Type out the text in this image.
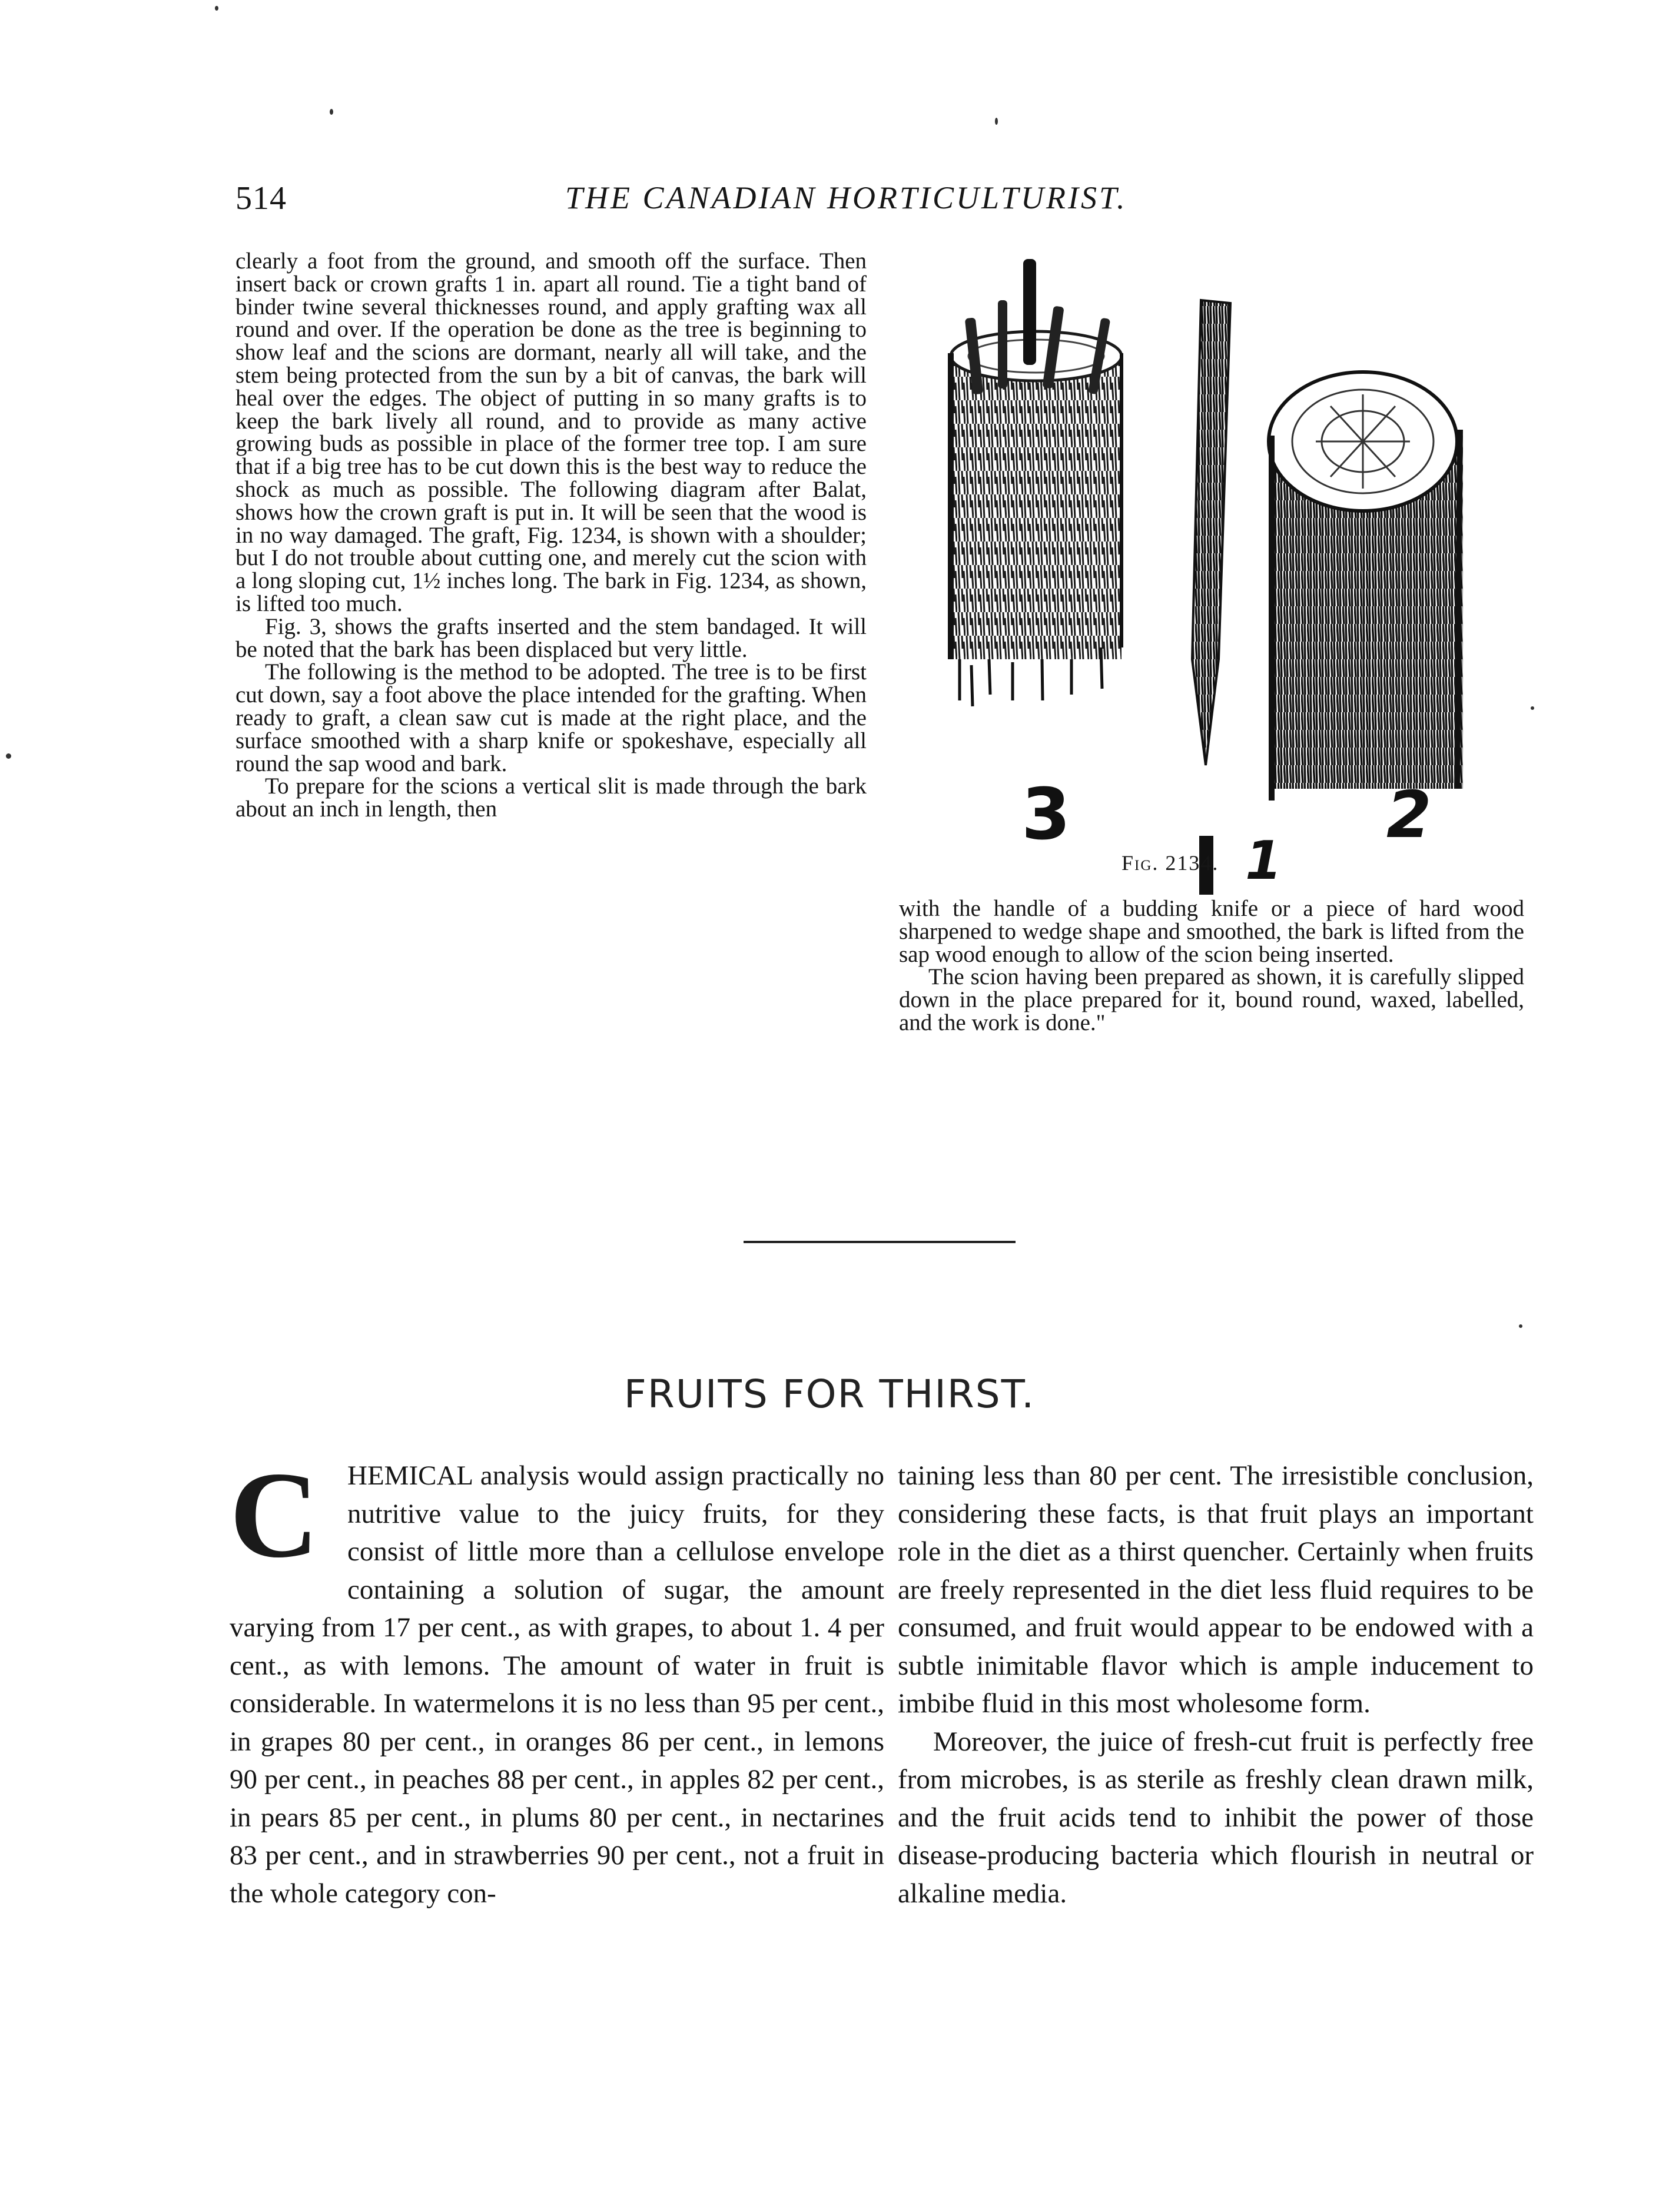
514	THE CANADIAN HORTICULTURIST.

clearly a foot from the ground, and smooth off the surface. Then insert back or crown grafts 1 in. apart all round. Tie a tight band of binder twine several thicknesses round, and apply grafting wax all round and over. If the operation be done as the tree is beginning to show leaf and the scions are dormant, nearly all will take, and the stem being protected from the sun by a bit of canvas, the bark will heal over the edges. The object of putting in so many grafts is to keep the bark lively all round, and to provide as many active growing buds as possible in place of the former tree top. I am sure that if a big tree has to be cut down this is the best way to reduce the shock as much as possible. The following diagram after Balat, shows how the crown graft is put in. It will be seen that the wood is in no way damaged. The graft, Fig. 1234, is shown with a shoulder; but I do not trouble about cutting one, and merely cut the scion with a long sloping cut, 1½ inches long. The bark in Fig. 1234, as shown, is lifted too much.

Fig. 3, shows the grafts inserted and the stem bandaged. It will be noted that the bark has been displaced but very little.

The following is the method to be adopted. The tree is to be first cut down, say a foot above the place intended for the grafting. When ready to graft, a clean saw cut is made at the right place, and the surface smoothed with a sharp knife or spokeshave, especially all round the sap wood and bark.

To prepare for the scions a vertical slit is made through the bark about an inch in length, then	3
1
2
Fig. 2134.

with the handle of a budding knife or a piece of hard wood sharpened to wedge shape and smoothed, the bark is lifted from the sap wood enough to allow of the scion being inserted.

The scion having been prepared as shown, it is carefully slipped down in the place prepared for it, bound round, waxed, labelled, and the work is done."

FRUITS FOR THIRST.
C	HEMICAL analysis would assign practically no nutritive value to the juicy fruits, for they consist of little more than a cellulose envelope containing a solution of sugar, the amount varying from 17 per cent., as with grapes, to about 1. 4 per cent., as with lemons. The amount of water in fruit is considerable. In watermelons it is no less than 95 per cent., in grapes 80 per cent., in oranges 86 per cent., in lemons 90 per cent., in peaches 88 per cent., in apples 82 per cent., in pears 85 per cent., in plums 80 per cent., in nectarines 83 per cent., and in strawberries 90 per cent., not a fruit in the whole category con-

taining less than 80 per cent. The irresistible conclusion, considering these facts, is that fruit plays an important role in the diet as a thirst quencher. Certainly when fruits are freely represented in the diet less fluid requires to be consumed, and fruit would appear to be endowed with a subtle inimitable flavor which is ample inducement to imbibe fluid in this most wholesome form.

Moreover, the juice of fresh-cut fruit is perfectly free from microbes, is as sterile as freshly clean drawn milk, and the fruit acids tend to inhibit the power of those disease-producing bacteria which flourish in neutral or alkaline media.
